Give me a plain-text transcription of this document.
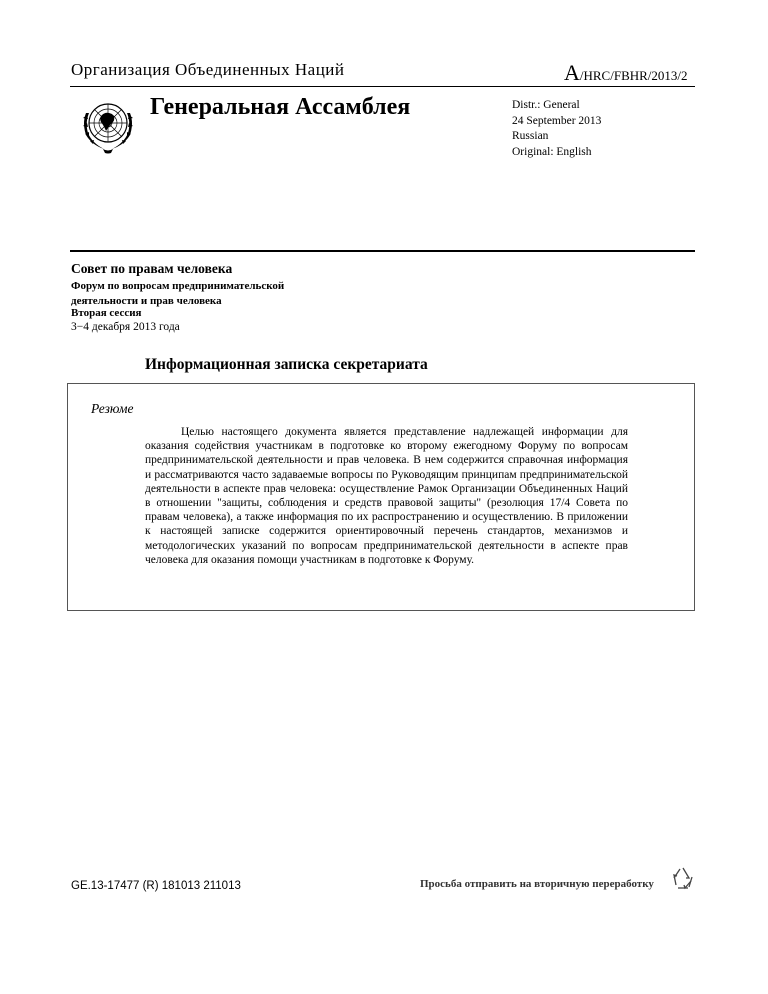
Организация Объединенных Наций	A/HRC/FBHR/2013/2
Генеральная Ассамблея	Distr.: General
24 September 2013
Russian
Original: English
Совет по правам человека
Форум по вопросам предпринимательской
деятельности и прав человека
Вторая сессия
3−4 декабря 2013 года
Информационная записка секретариата
Резюме
Целью настоящего документа является представление надлежащей информации для оказания содействия участникам в подготовке ко второму ежегодному Форуму по вопросам предпринимательской деятельности и прав человека. В нем содержится справочная информация и рассматриваются часто задаваемые вопросы по Руководящим принципам предпринимательской деятельности в аспекте прав человека: осуществление Рамок Организации Объединенных Наций в отношении "защиты, соблюдения и средств правовой защиты" (резолюция 17/4 Совета по правам человека), а также информация по их распространению и осуществлению. В приложении к настоящей записке содержится ориентировочный перечень стандартов, механизмов и методологических указаний по вопросам предпринимательской деятельности в аспекте прав человека для оказания помощи участникам в подготовке к Форуму.
GE.13-17477 (R) 181013 211013	Просьба отправить на вторичную переработку
